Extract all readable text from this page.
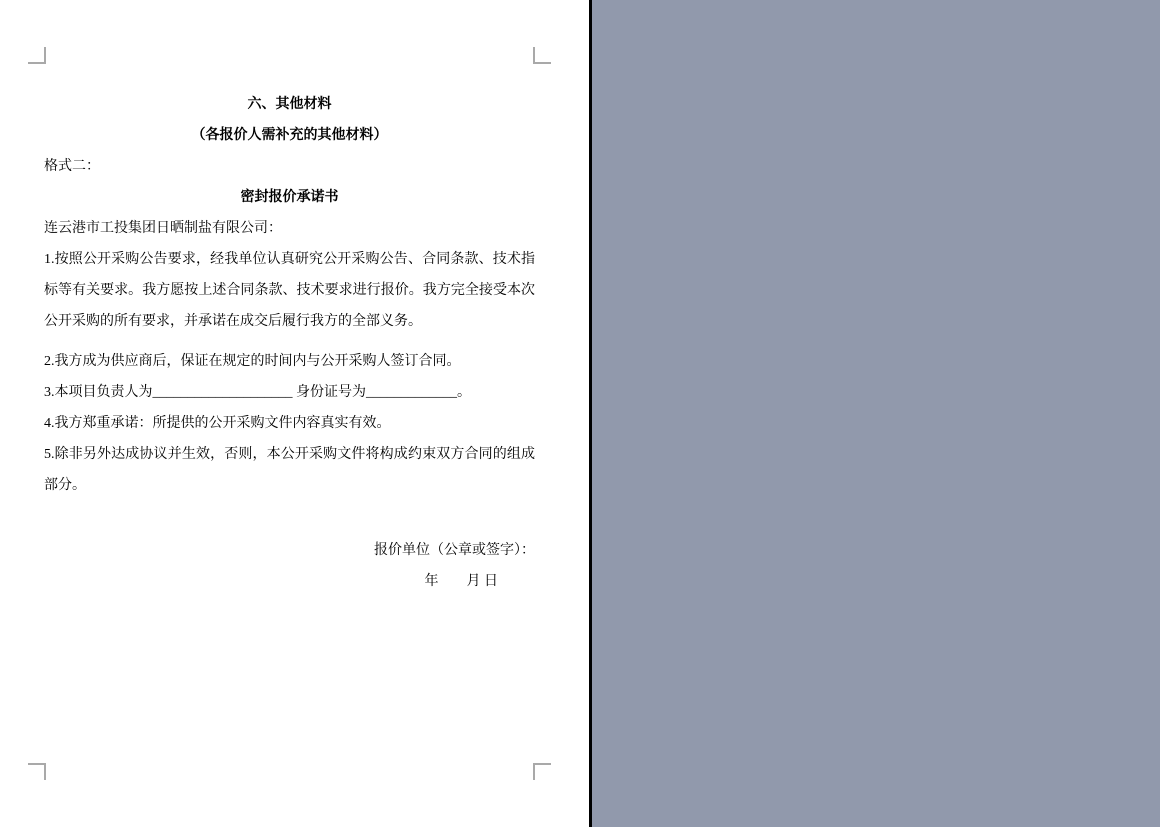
六、其他材料
（各报价人需补充的其他材料）
格式二：
密封报价承诺书
连云港市工投集团日晒制盐有限公司：

1.按照公开采购公告要求，经我单位认真研究公开采购公告、合同条款、技术指标等有关要求。我方愿按上述合同条款、技术要求进行报价。我方完全接受本次公开采购的所有要求，并承诺在成交后履行我方的全部义务。

2.我方成为供应商后，保证在规定的时间内与公开采购人签订合同。

3.本项目负责人为____________________ 身份证号为_____________。

4.我方郑重承诺：所提供的公开采购文件内容真实有效。

5.除非另外达成协议并生效，否则，本公开采购文件将构成约束双方合同的组成部分。

报价单位（公章或签字）：
年　　月 日
